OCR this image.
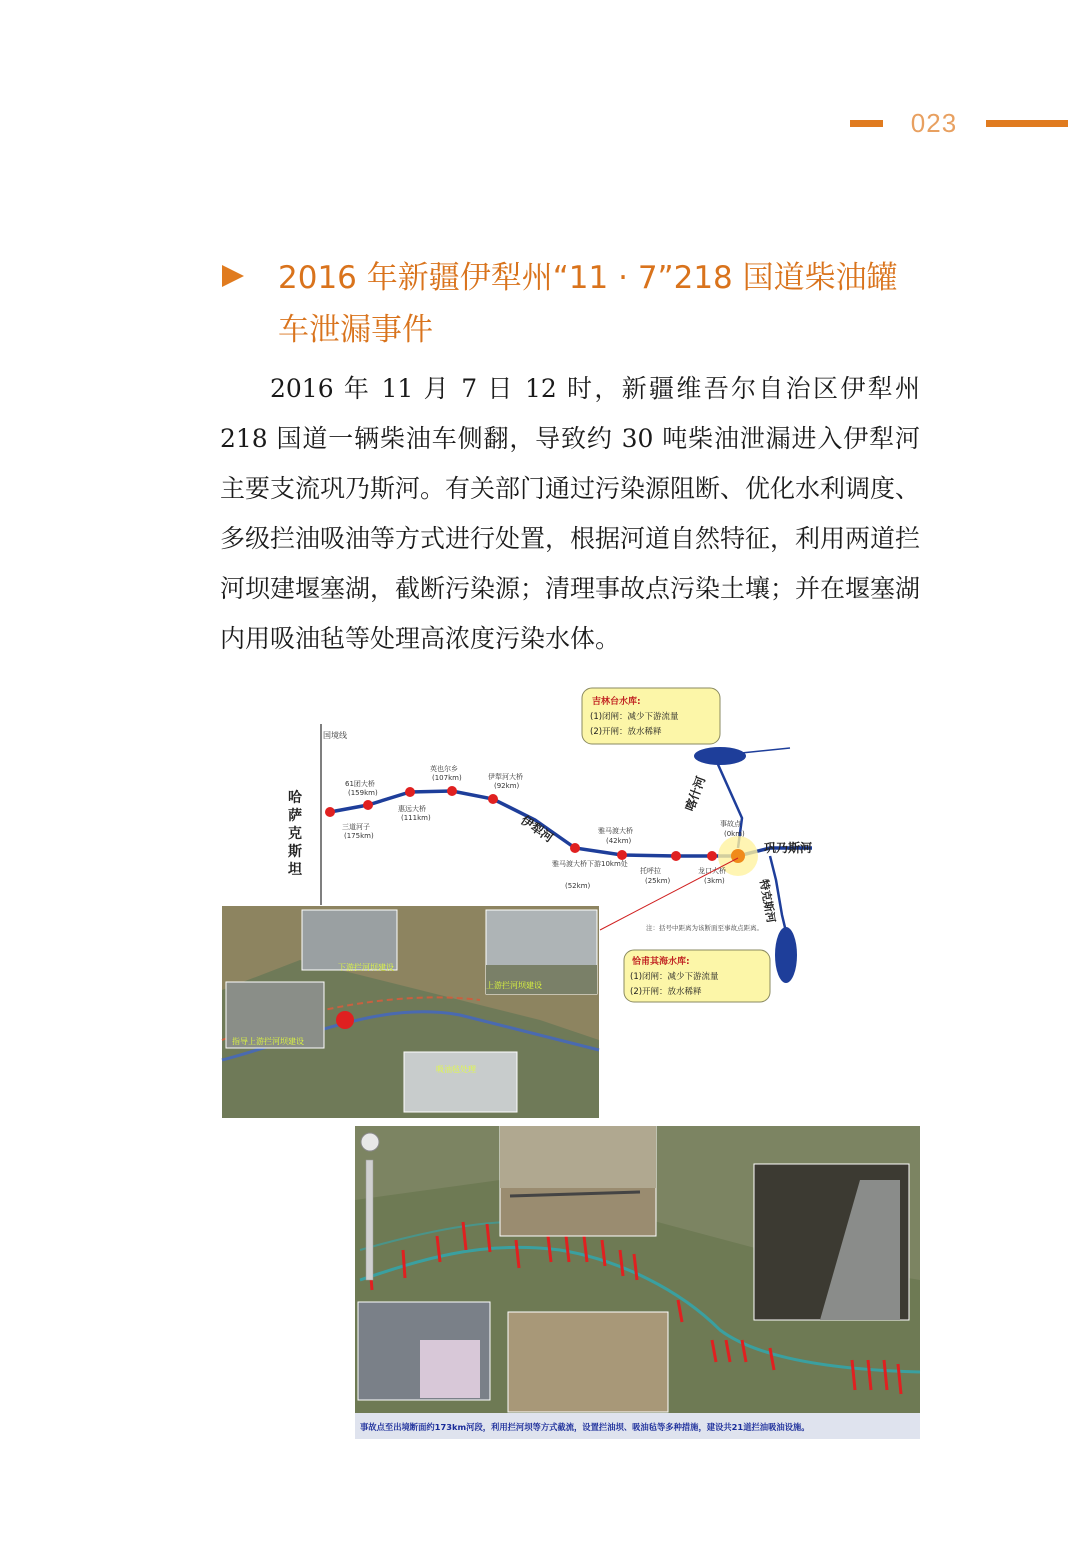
023
2016 年新疆伊犁州“11 · 7”218 国道柴油罐
车泄漏事件

2016 年 11 月 7 日 12 时，新疆维吾尔自治区伊犁州 218 国道一辆柴油车侧翻，导致约 30 吨柴油泄漏进入伊犁河主要支流巩乃斯河。有关部门通过污染源阻断、优化水利调度、多级拦油吸油等方式进行处置，根据河道自然特征，利用两道拦河坝建堰塞湖，截断污染源；清理事故点污染土壤；并在堰塞湖内用吸油毡等处理高浓度污染水体。

国境线
哈萨克斯坦
伊犁河
喀什河
巩乃斯河
特克斯河
三道河子
(175km)
61团大桥
(159km)
惠远大桥
(111km)
英也尔乡
(107km)	伊犁河大桥
(92km)
雅马渡大桥下游10km处
(52km)
雅马渡大桥
(42km)
托呼拉
(25km)
龙口大桥
(3km)
事故点
(0km)
吉林台水库:
(1)闭闸：减少下游流量
(2)开闸：放水稀释
恰甫其海水库:
(1)闭闸：减少下游流量
(2)开闸：放水稀释
注：括号中距离为该断面至事故点距离。
上游拦河坝建设
下游拦河坝建设
指导上游拦河坝建设
吸油毡处理
事故点至出境断面约173km河段，利用拦河坝等方式截流，设置拦油坝、吸油毡等多种措施，建设共21道拦油吸油设施。
